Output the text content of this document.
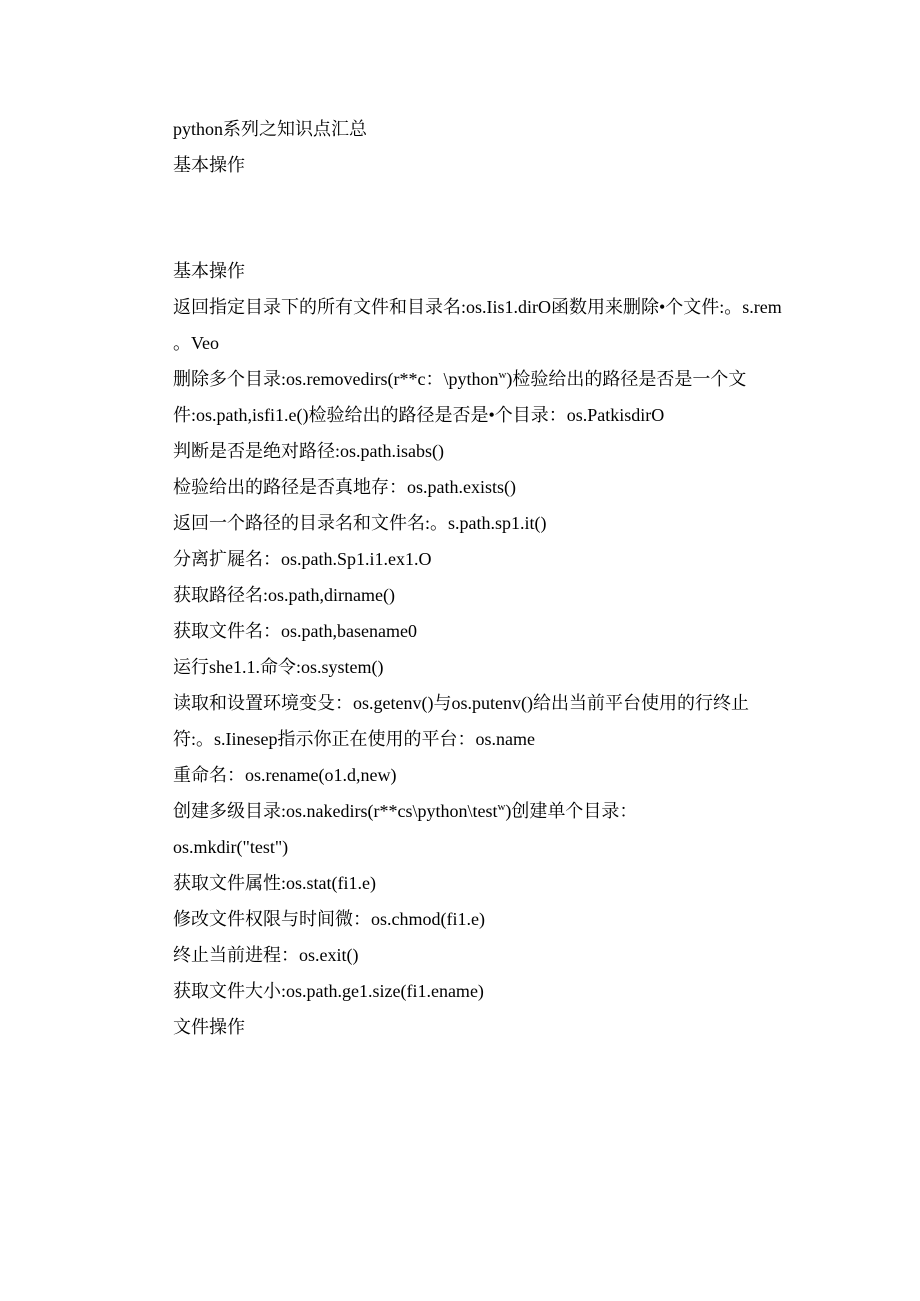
python系列之知识点汇总
基本操作
基本操作
返回指定目录下的所有文件和目录名:os.Iis1.dirO函数用来删除•个文件:。s.rem
。Veo
删除多个目录:os.removedirs(r**c：\python$^w$)检验给出的路径是否是一个文
件:os.path,isfi1.e()检验给出的路径是否是•个目录：os.PatkisdirO
判断是否是绝对路径:os.path.isabs()
检验给出的路径是否真地存：os.path.exists()
返回一个路径的目录名和文件名:。s.path.sp1.it()
分离扩屣名：os.path.Sp1.i1.ex1.O
获取路径名:os.path,dirname()
获取文件名：os.path,basename0
运行she1.1.命令:os.system()
读取和设置环境变殳：os.getenv()与os.putenv()给出当前平台使用的行终止
符:。s.Iinesep指示你正在使用的平台：os.name
重命名：os.rename(o1.d,new)
创建多级目录:os.nakedirs(r**cs\python\test$^w$)创建单个目录：
os.mkdir("test")
获取文件属性:os.stat(fi1.e)
修改文件权限与时间微：os.chmod(fi1.e)
终止当前进程：os.exit()
获取文件大小:os.path.ge1.size(fi1.ename)
文件操作
